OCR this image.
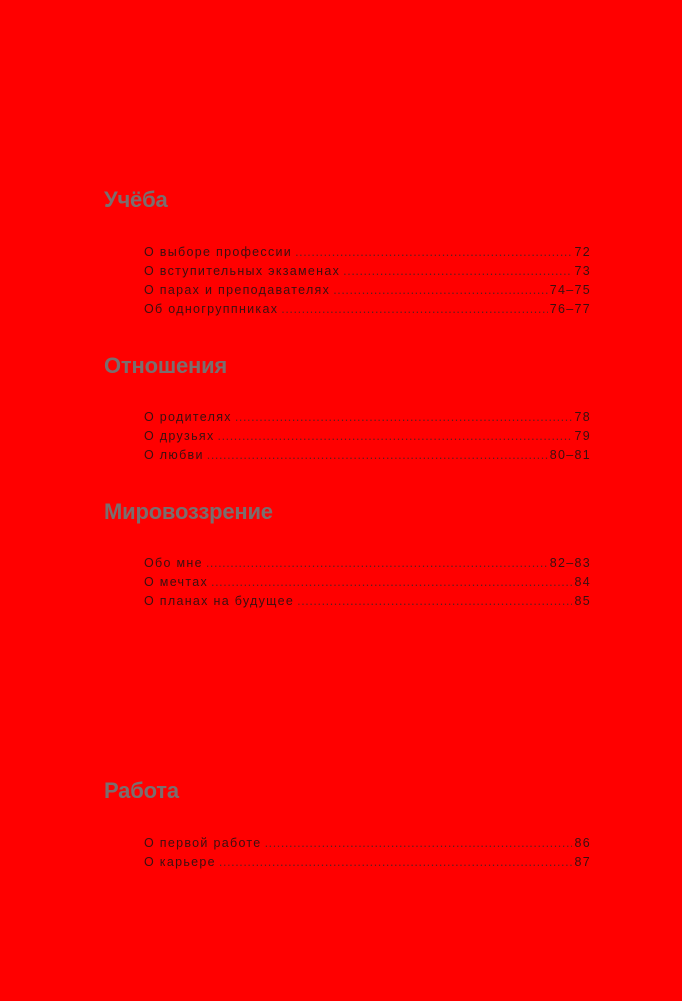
Учёба
О выборе профессии .....	72
О вступительных экзаменах .....	73
О парах и преподавателях .....	74–75
Об одногруппниках .....	76–77
Отношения
О родителях .....	78
О друзьях .....	79
О любви .....	80–81
Мировоззрение
Обо мне .....	82–83
О мечтах .....	84
О планах на будущее .....	85
Работа
О первой работе .....	86
О карьере .....	87
